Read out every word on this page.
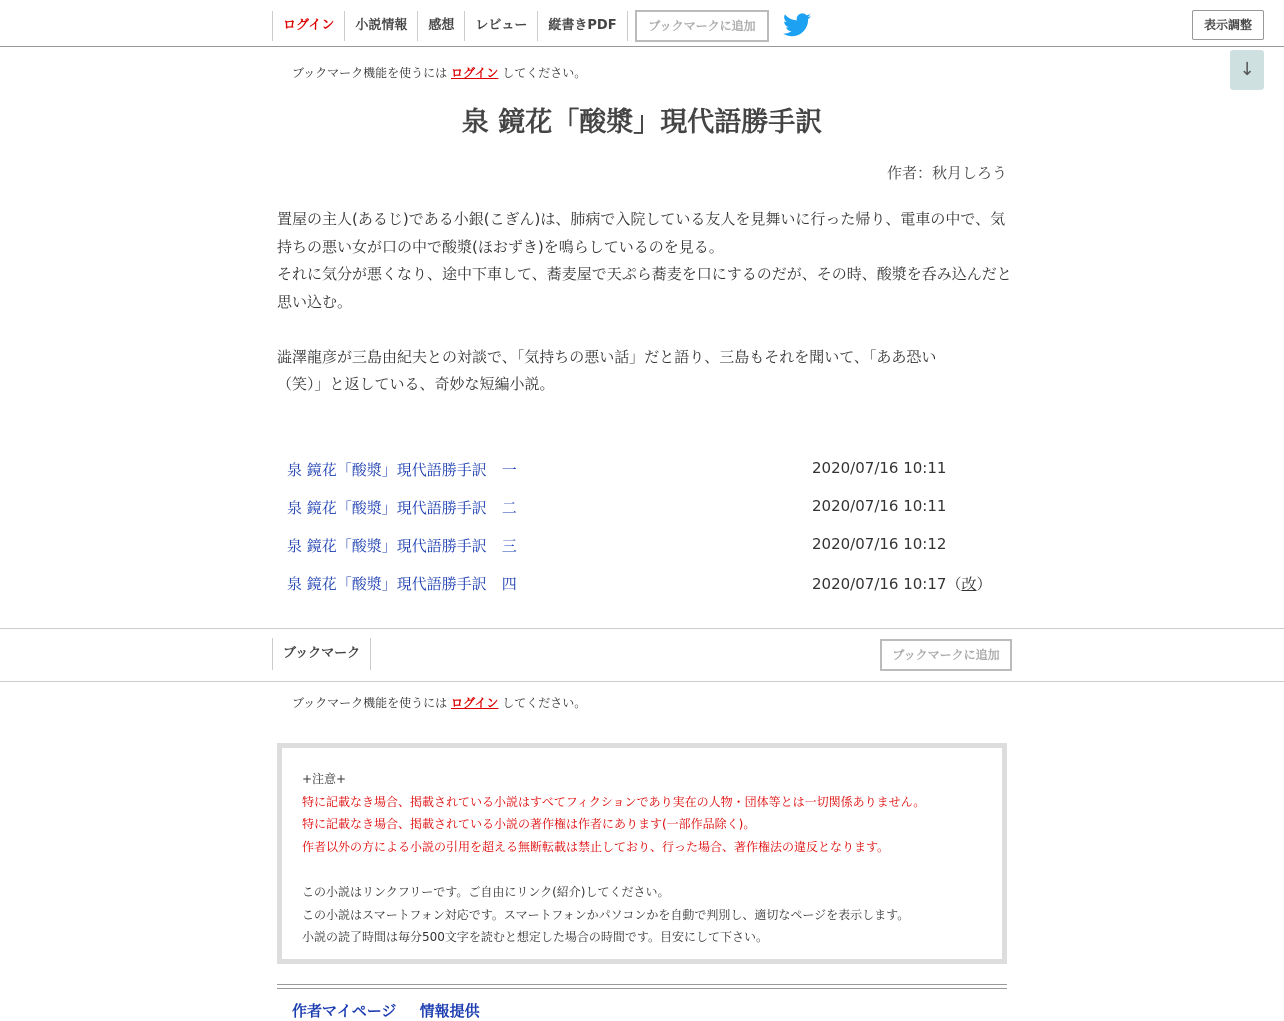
ログイン	小説情報	感想	レビュー	縦書きPDF	ブックマークに追加	表示調整
↓
ブックマーク機能を使うには ログイン してください。
泉 鏡花「酸漿」現代語勝手訳
作者：秋月しろう

置屋の主人(あるじ)である小銀(こぎん)は、肺病で入院している友人を見舞いに行った帰り、電車の中で、気持ちの悪い女が口の中で酸漿(ほおずき)を鳴らしているのを見る。

それに気分が悪くなり、途中下車して、蕎麦屋で天ぷら蕎麦を口にするのだが、その時、酸漿を呑み込んだと思い込む。

澁澤龍彦が三島由紀夫との対談で、「気持ちの悪い話」だと語り、三島もそれを聞いて、「ああ恐い（笑）」と返している、奇妙な短編小説。

泉 鏡花「酸漿」現代語勝手訳　一	2020/07/16 10:11
泉 鏡花「酸漿」現代語勝手訳　二	2020/07/16 10:11
泉 鏡花「酸漿」現代語勝手訳　三	2020/07/16 10:12
泉 鏡花「酸漿」現代語勝手訳　四	2020/07/16 10:17（改）
ブックマーク	ブックマークに追加
ブックマーク機能を使うには ログイン してください。

+注意+

特に記載なき場合、掲載されている小説はすべてフィクションであり実在の人物・団体等とは一切関係ありません。

特に記載なき場合、掲載されている小説の著作権は作者にあります(一部作品除く)。

作者以外の方による小説の引用を超える無断転載は禁止しており、行った場合、著作権法の違反となります。

この小説はリンクフリーです。ご自由にリンク(紹介)してください。

この小説はスマートフォン対応です。スマートフォンかパソコンかを自動で判別し、適切なページを表示します。

小説の読了時間は毎分500文字を読むと想定した場合の時間です。目安にして下さい。

作者マイページ 情報提供
